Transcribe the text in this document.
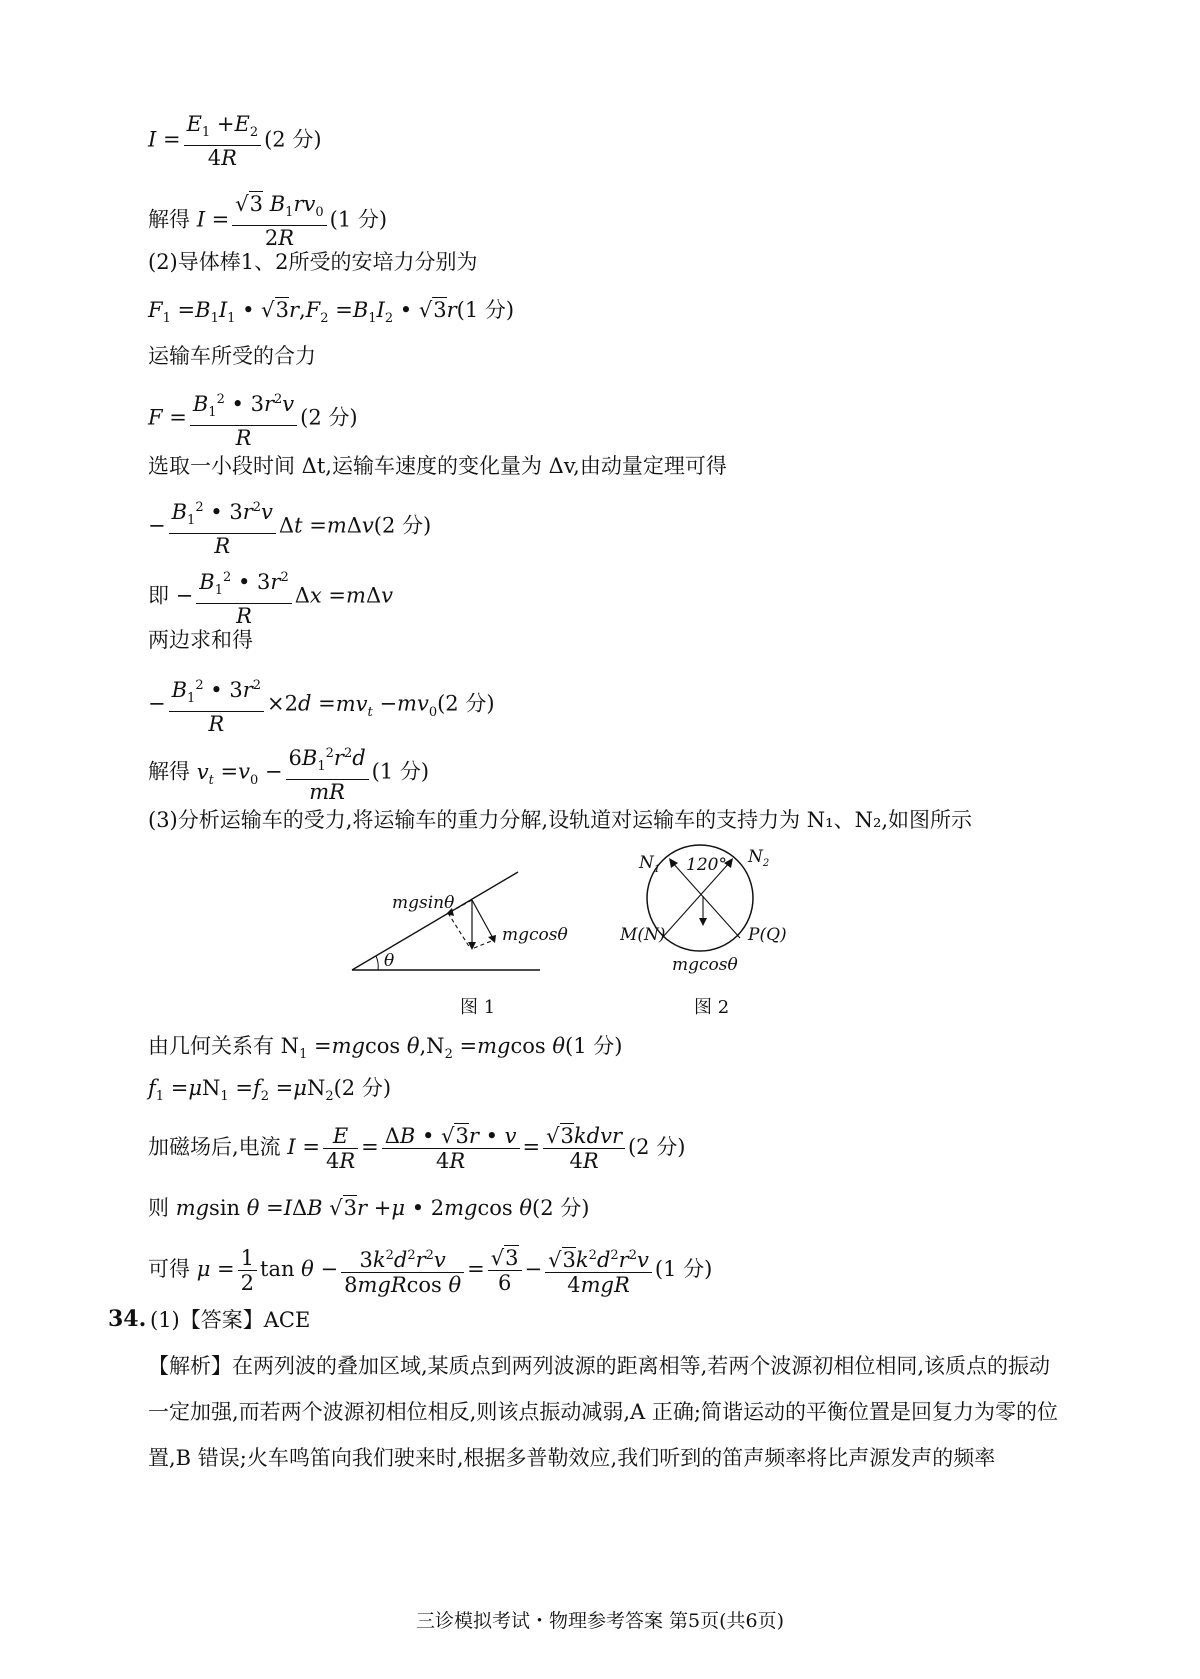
$I = \frac{E_1 +E_2}{4R} (2$ 分)
解得 $I = \frac{√3 B_1rv_0}{2R} (1$ 分)
(2)导体棒1、2所受的安培力分别为
$F_1 =B_1I_1$ • $√3r,F_2 =B_1I_2$ • √3r(1 分)
运输车所受的合力
$F = \frac{B_1^2 • 3r^2v}{R} (2$ 分)
选取一小段时间 Δt,运输车速度的变化量为 Δv,由动量定理可得
− $\frac{B_1^2 • 3r^2v}{R}$ Δt =mΔv(2 分)
即 − $\frac{B_1^2 • 3r^2}{R}$ Δx =mΔv
两边求和得
− $\frac{B_1^2 • 3r^2}{R} \times 2d =mv_t -mv_0(2$ 分)
解得 $v_t =v_0 - \frac{6B_1^2r^2d}{mR} (1$ 分)
(3)分析运输车的受力,将运输车的重力分解,设轨道对运输车的支持力为 N₁、N₂,如图所示
mgsinθ
mgcosθ
θ
图 1
$N_1$
$N_2$
120°
M(N)	P(Q)
mgcosθ
图 2
由几何关系有 $N_1 =mgcos$ $\theta,N_2 =mgcos$ θ(1 分)
$f_1 =\mu N_1 =f_2 =\mu N_2(2$ 分)
加磁场后,电流 $I = \frac{E}{4R} = \frac{\Delta B • √3r • v}{4R}$ = √3kdvr
4R
(2 分)
则 mgsin θ =IΔB √3r +μ • 2mgcos θ(2 分)
可得 $\mu = \frac{1}{2}$ tan θ −	$3k^2d^2r^2v$
8mgRcos θ
= $\frac{√3}{6} - √3k^2d^2r^2v$
4mgR
(1 分)
34. (1)【答案】ACE
【解析】在两列波的叠加区域,某质点到两列波源的距离相等,若两个波源初相位相同,该质点的振动一定加强,而若两个波源初相位相反,则该点振动减弱,A 正确;简谐运动的平衡位置是回复力为零的位置,B 错误;火车鸣笛向我们驶来时,根据多普勒效应,我们听到的笛声频率将比声源发声的频率
三诊模拟考试・物理参考答案 第5页(共6页)
